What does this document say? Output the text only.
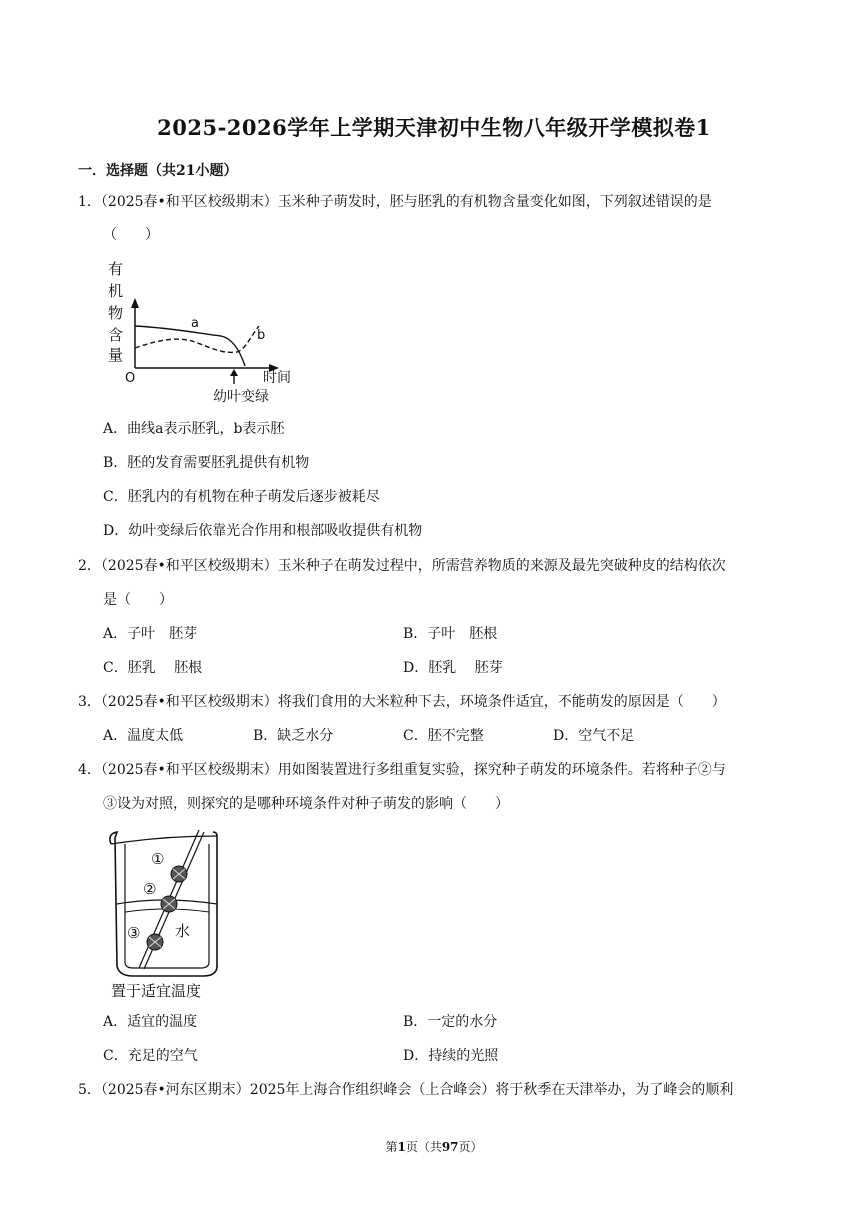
2025-2026学年上学期天津初中生物八年级开学模拟卷1
一．选择题（共21小题）
1．（2025春•和平区校级期末）玉米种子萌发时，胚与胚乳的有机物含量变化如图，下列叙述错误的是
（　　）
有
机
物
含
量
O	时间
a
b
幼叶变绿
A．曲线a表示胚乳，b表示胚
B．胚的发育需要胚乳提供有机物
C．胚乳内的有机物在种子萌发后逐步被耗尽
D．幼叶变绿后依靠光合作用和根部吸收提供有机物
2．（2025春•和平区校级期末）玉米种子在萌发过程中，所需营养物质的来源及最先突破种皮的结构依次
是（　　）
A．子叶　胚芽	B．子叶　胚根
C．胚乳　 胚根	D．胚乳　 胚芽
3．（2025春•和平区校级期末）将我们食用的大米粒种下去，环境条件适宜，不能萌发的原因是（　　）
A．温度太低	B．缺乏水分	C．胚不完整	D．空气不足
4．（2025春•和平区校级期末）用如图装置进行多组重复实验，探究种子萌发的环境条件。若将种子②与
③设为对照，则探究的是哪种环境条件对种子萌发的影响（　　）
①
②
③ 水
置于适宜温度
A．适宜的温度	B．一定的水分
C．充足的空气	D．持续的光照
5．（2025春•河东区期末）2025年上海合作组织峰会（上合峰会）将于秋季在天津举办，为了峰会的顺利
第1页（共97页）
